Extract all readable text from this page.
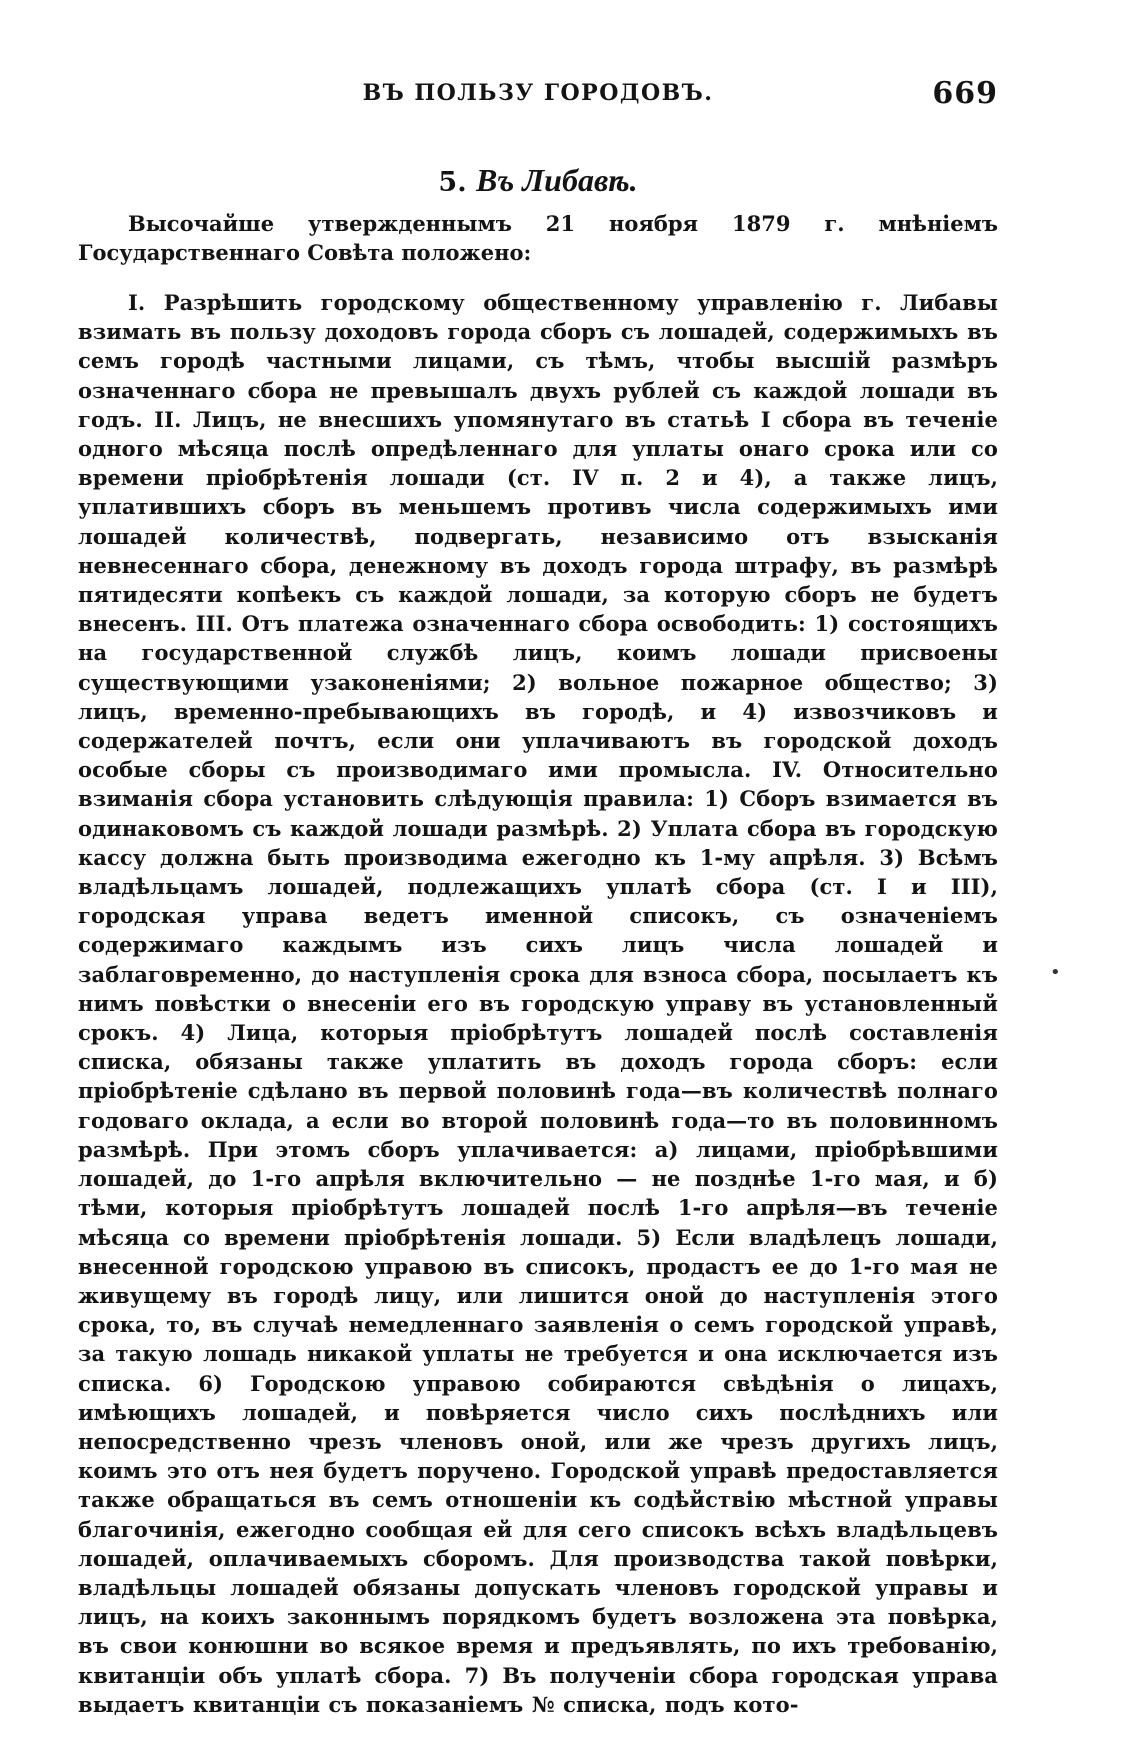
ВЪ ПОЛЬЗУ ГОРОДОВЪ.	669
5. Въ Либавѣ.

Высочайше утвержденнымъ 21 ноября 1879 г. мнѣніемъ Государственнаго Совѣта положено:

I. Разрѣшить городскому общественному управленію г. Либавы взимать въ пользу доходовъ города сборъ съ лошадей, содержимыхъ въ семъ городѣ частными лицами, съ тѣмъ, чтобы высшій размѣръ означеннаго сбора не превышалъ двухъ рублей съ каждой лошади въ годъ. II. Лицъ, не внесшихъ упомянутаго въ статьѣ I сбора въ теченіе одного мѣсяца послѣ опредѣленнаго для уплаты онаго срока или со времени пріобрѣтенія лошади (ст. IV п. 2 и 4), а также лицъ, уплатившихъ сборъ въ меньшемъ противъ числа содержимыхъ ими лошадей количествѣ, подвергать, независимо отъ взысканія невнесеннаго сбора, денежному въ доходъ города штрафу, въ размѣрѣ пятидесяти копѣекъ съ каждой лошади, за которую сборъ не будетъ внесенъ. III. Отъ платежа означеннаго сбора освободить: 1) состоящихъ на государственной службѣ лицъ, коимъ лошади присвоены существующими узаконеніями; 2) вольное пожарное общество; 3) лицъ, временно-пребывающихъ въ городѣ, и 4) извозчиковъ и содержателей почтъ, если они уплачиваютъ въ городской доходъ особые сборы съ производимаго ими промысла. IV. Относительно взиманія сбора установить слѣдующія правила: 1) Сборъ взимается въ одинаковомъ съ каждой лошади размѣрѣ. 2) Уплата сбора въ городскую кассу должна быть производима ежегодно къ 1-му апрѣля. 3) Всѣмъ владѣльцамъ лошадей, подлежащихъ уплатѣ сбора (ст. I и III), городская управа ведетъ именной списокъ, съ означеніемъ содержимаго каждымъ изъ сихъ лицъ числа лошадей и заблаговременно, до наступленія срока для взноса сбора, посылаетъ къ нимъ повѣстки о внесеніи его въ городскую управу въ установленный срокъ. 4) Лица, которыя пріобрѣтутъ лошадей послѣ составленія списка, обязаны также уплатить въ доходъ города сборъ: если пріобрѣтеніе сдѣлано въ первой половинѣ года—въ количествѣ полнаго годоваго оклада, а если во второй половинѣ года—то въ половинномъ размѣрѣ. При этомъ сборъ уплачивается: а) лицами, пріобрѣвшими лошадей, до 1-го апрѣля включительно — не позднѣе 1-го мая, и б) тѣми, которыя пріобрѣтутъ лошадей послѣ 1-го апрѣля—въ теченіе мѣсяца со времени пріобрѣтенія лошади. 5) Если владѣлецъ лошади, внесенной городскою управою въ списокъ, продастъ ее до 1-го мая не живущему въ городѣ лицу, или лишится оной до наступленія этого срока, то, въ случаѣ немедленнаго заявленія о семъ городской управѣ, за такую лошадь никакой уплаты не требуется и она исключается изъ списка. 6) Городскою управою собираются свѣдѣнія о лицахъ, имѣющихъ лошадей, и повѣряется число сихъ послѣднихъ или непосредственно чрезъ членовъ оной, или же чрезъ другихъ лицъ, коимъ это отъ нея будетъ поручено. Городской управѣ предоставляется также обращаться въ семъ отношеніи къ содѣйствію мѣстной управы благочинія, ежегодно сообщая ей для сего списокъ всѣхъ владѣльцевъ лошадей, оплачиваемыхъ сборомъ. Для производства такой повѣрки, владѣльцы лошадей обязаны допускать членовъ городской управы и лицъ, на коихъ законнымъ порядкомъ будетъ возложена эта повѣрка, въ свои конюшни во всякое время и предъявлять, по ихъ требованію, квитанціи объ уплатѣ сбора. 7) Въ полученіи сбора городская управа выдаетъ квитанціи съ показаніемъ № списка, подъ кото-

•
